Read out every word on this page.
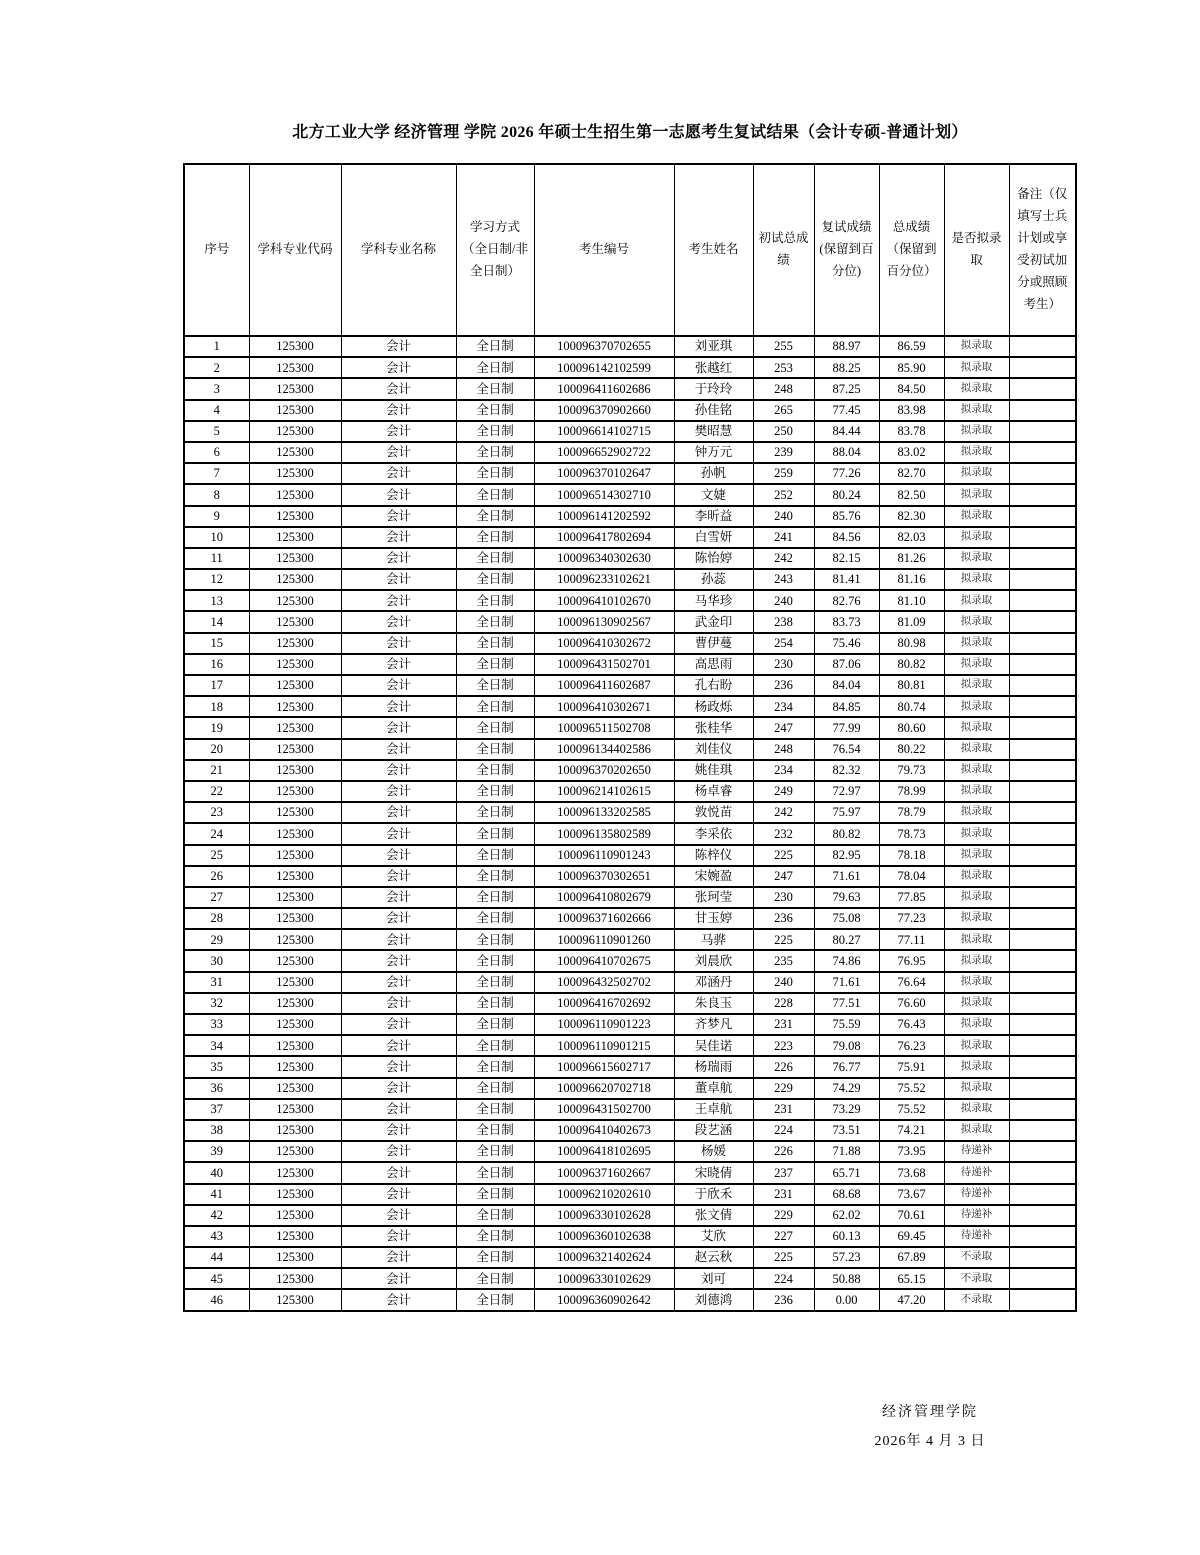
北方工业大学 经济管理 学院 2026 年硕士生招生第一志愿考生复试结果（会计专硕-普通计划）
序号	学科专业代码	学科专业名称	学习方式（全日制/非全日制）	考生编号	考生姓名	初试总成绩	复试成绩(保留到百分位)	总成绩（保留到百分位）	是否拟录取	备注（仅填写士兵计划或享受初试加分或照顾考生）
1	125300	会计	全日制	100096370702655	刘亚琪	255	88.97	86.59	拟录取	
2	125300	会计	全日制	100096142102599	张越红	253	88.25	85.90	拟录取	
3	125300	会计	全日制	100096411602686	于玲玲	248	87.25	84.50	拟录取	
4	125300	会计	全日制	100096370902660	孙佳铭	265	77.45	83.98	拟录取	
5	125300	会计	全日制	100096614102715	樊昭慧	250	84.44	83.78	拟录取	
6	125300	会计	全日制	100096652902722	钟万元	239	88.04	83.02	拟录取	
7	125300	会计	全日制	100096370102647	孙帆	259	77.26	82.70	拟录取	
8	125300	会计	全日制	100096514302710	文婕	252	80.24	82.50	拟录取	
9	125300	会计	全日制	100096141202592	李昕益	240	85.76	82.30	拟录取	
10	125300	会计	全日制	100096417802694	白雪妍	241	84.56	82.03	拟录取	
11	125300	会计	全日制	100096340302630	陈怡婷	242	82.15	81.26	拟录取	
12	125300	会计	全日制	100096233102621	孙蕊	243	81.41	81.16	拟录取	
13	125300	会计	全日制	100096410102670	马华珍	240	82.76	81.10	拟录取	
14	125300	会计	全日制	100096130902567	武金印	238	83.73	81.09	拟录取	
15	125300	会计	全日制	100096410302672	曹伊蔓	254	75.46	80.98	拟录取	
16	125300	会计	全日制	100096431502701	高思雨	230	87.06	80.82	拟录取	
17	125300	会计	全日制	100096411602687	孔右盼	236	84.04	80.81	拟录取	
18	125300	会计	全日制	100096410302671	杨政烁	234	84.85	80.74	拟录取	
19	125300	会计	全日制	100096511502708	张桂华	247	77.99	80.60	拟录取	
20	125300	会计	全日制	100096134402586	刘佳仪	248	76.54	80.22	拟录取	
21	125300	会计	全日制	100096370202650	姚佳琪	234	82.32	79.73	拟录取	
22	125300	会计	全日制	100096214102615	杨卓睿	249	72.97	78.99	拟录取	
23	125300	会计	全日制	100096133202585	敦悦苗	242	75.97	78.79	拟录取	
24	125300	会计	全日制	100096135802589	李采依	232	80.82	78.73	拟录取	
25	125300	会计	全日制	100096110901243	陈梓仪	225	82.95	78.18	拟录取	
26	125300	会计	全日制	100096370302651	宋婉盈	247	71.61	78.04	拟录取	
27	125300	会计	全日制	100096410802679	张珂莹	230	79.63	77.85	拟录取	
28	125300	会计	全日制	100096371602666	甘玉婷	236	75.08	77.23	拟录取	
29	125300	会计	全日制	100096110901260	马骅	225	80.27	77.11	拟录取	
30	125300	会计	全日制	100096410702675	刘晨欣	235	74.86	76.95	拟录取	
31	125300	会计	全日制	100096432502702	邓涵丹	240	71.61	76.64	拟录取	
32	125300	会计	全日制	100096416702692	朱良玉	228	77.51	76.60	拟录取	
33	125300	会计	全日制	100096110901223	齐梦凡	231	75.59	76.43	拟录取	
34	125300	会计	全日制	100096110901215	吴佳诺	223	79.08	76.23	拟录取	
35	125300	会计	全日制	100096615602717	杨瑞雨	226	76.77	75.91	拟录取	
36	125300	会计	全日制	100096620702718	董卓航	229	74.29	75.52	拟录取	
37	125300	会计	全日制	100096431502700	王卓航	231	73.29	75.52	拟录取	
38	125300	会计	全日制	100096410402673	段艺涵	224	73.51	74.21	拟录取	
39	125300	会计	全日制	100096418102695	杨媛	226	71.88	73.95	待递补	
40	125300	会计	全日制	100096371602667	宋晓倩	237	65.71	73.68	待递补	
41	125300	会计	全日制	100096210202610	于欣禾	231	68.68	73.67	待递补	
42	125300	会计	全日制	100096330102628	张文倩	229	62.02	70.61	待递补	
43	125300	会计	全日制	100096360102638	艾欣	227	60.13	69.45	待递补	
44	125300	会计	全日制	100096321402624	赵云秋	225	57.23	67.89	不录取	
45	125300	会计	全日制	100096330102629	刘可	224	50.88	65.15	不录取	
46	125300	会计	全日制	100096360902642	刘德鸿	236	0.00	47.20	不录取	
经济管理学院
2026年 4 月 3 日
